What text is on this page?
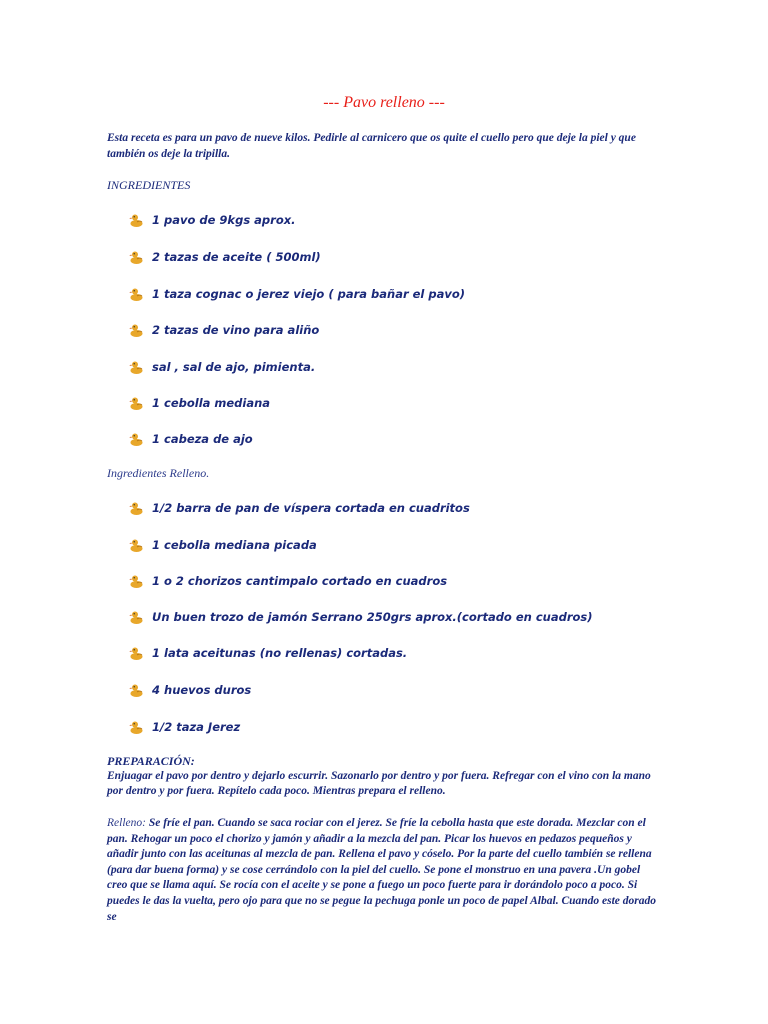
--- Pavo relleno ---
Esta receta es para un pavo de nueve kilos. Pedirle al carnicero que os quite el cuello pero que deje la piel y que también os deje la tripilla.
INGREDIENTES
1 pavo de 9kgs aprox.
2 tazas de aceite ( 500ml)
1 taza cognac o jerez viejo ( para bañar el pavo)
2 tazas de vino para aliño
sal , sal de ajo, pimienta.
1 cebolla mediana
1 cabeza de ajo
Ingredientes Relleno.
1/2 barra de pan de víspera cortada en cuadritos
1 cebolla mediana picada
1 o 2 chorizos cantimpalo cortado en cuadros
Un buen trozo de jamón Serrano 250grs aprox.(cortado en cuadros)
1 lata aceitunas (no rellenas) cortadas.
4 huevos duros
1/2 taza Jerez
PREPARACIÓN:
Enjuagar el pavo por dentro y dejarlo escurrir. Sazonarlo por dentro y por fuera. Refregar con el vino con la mano por dentro y por fuera. Repítelo cada poco. Mientras prepara el relleno.
Relleno: Se fríe el pan. Cuando se saca rociar con el jerez. Se fríe la cebolla hasta que este dorada. Mezclar con el pan. Rehogar un poco el chorizo y jamón y añadir a la mezcla del pan. Picar los huevos en pedazos pequeños y añadir junto con las aceitunas al mezcla de pan. Rellena el pavo y cóselo. Por la parte del cuello también se rellena (para dar buena forma) y se cose cerrándolo con la piel del cuello. Se pone el monstruo en una pavera .Un gobel creo que se llama aquí. Se rocía con el aceite y se pone a fuego un poco fuerte para ir dorándolo poco a poco. Si puedes le das la vuelta, pero ojo para que no se pegue la pechuga ponle un poco de papel Albal. Cuando este dorado se
